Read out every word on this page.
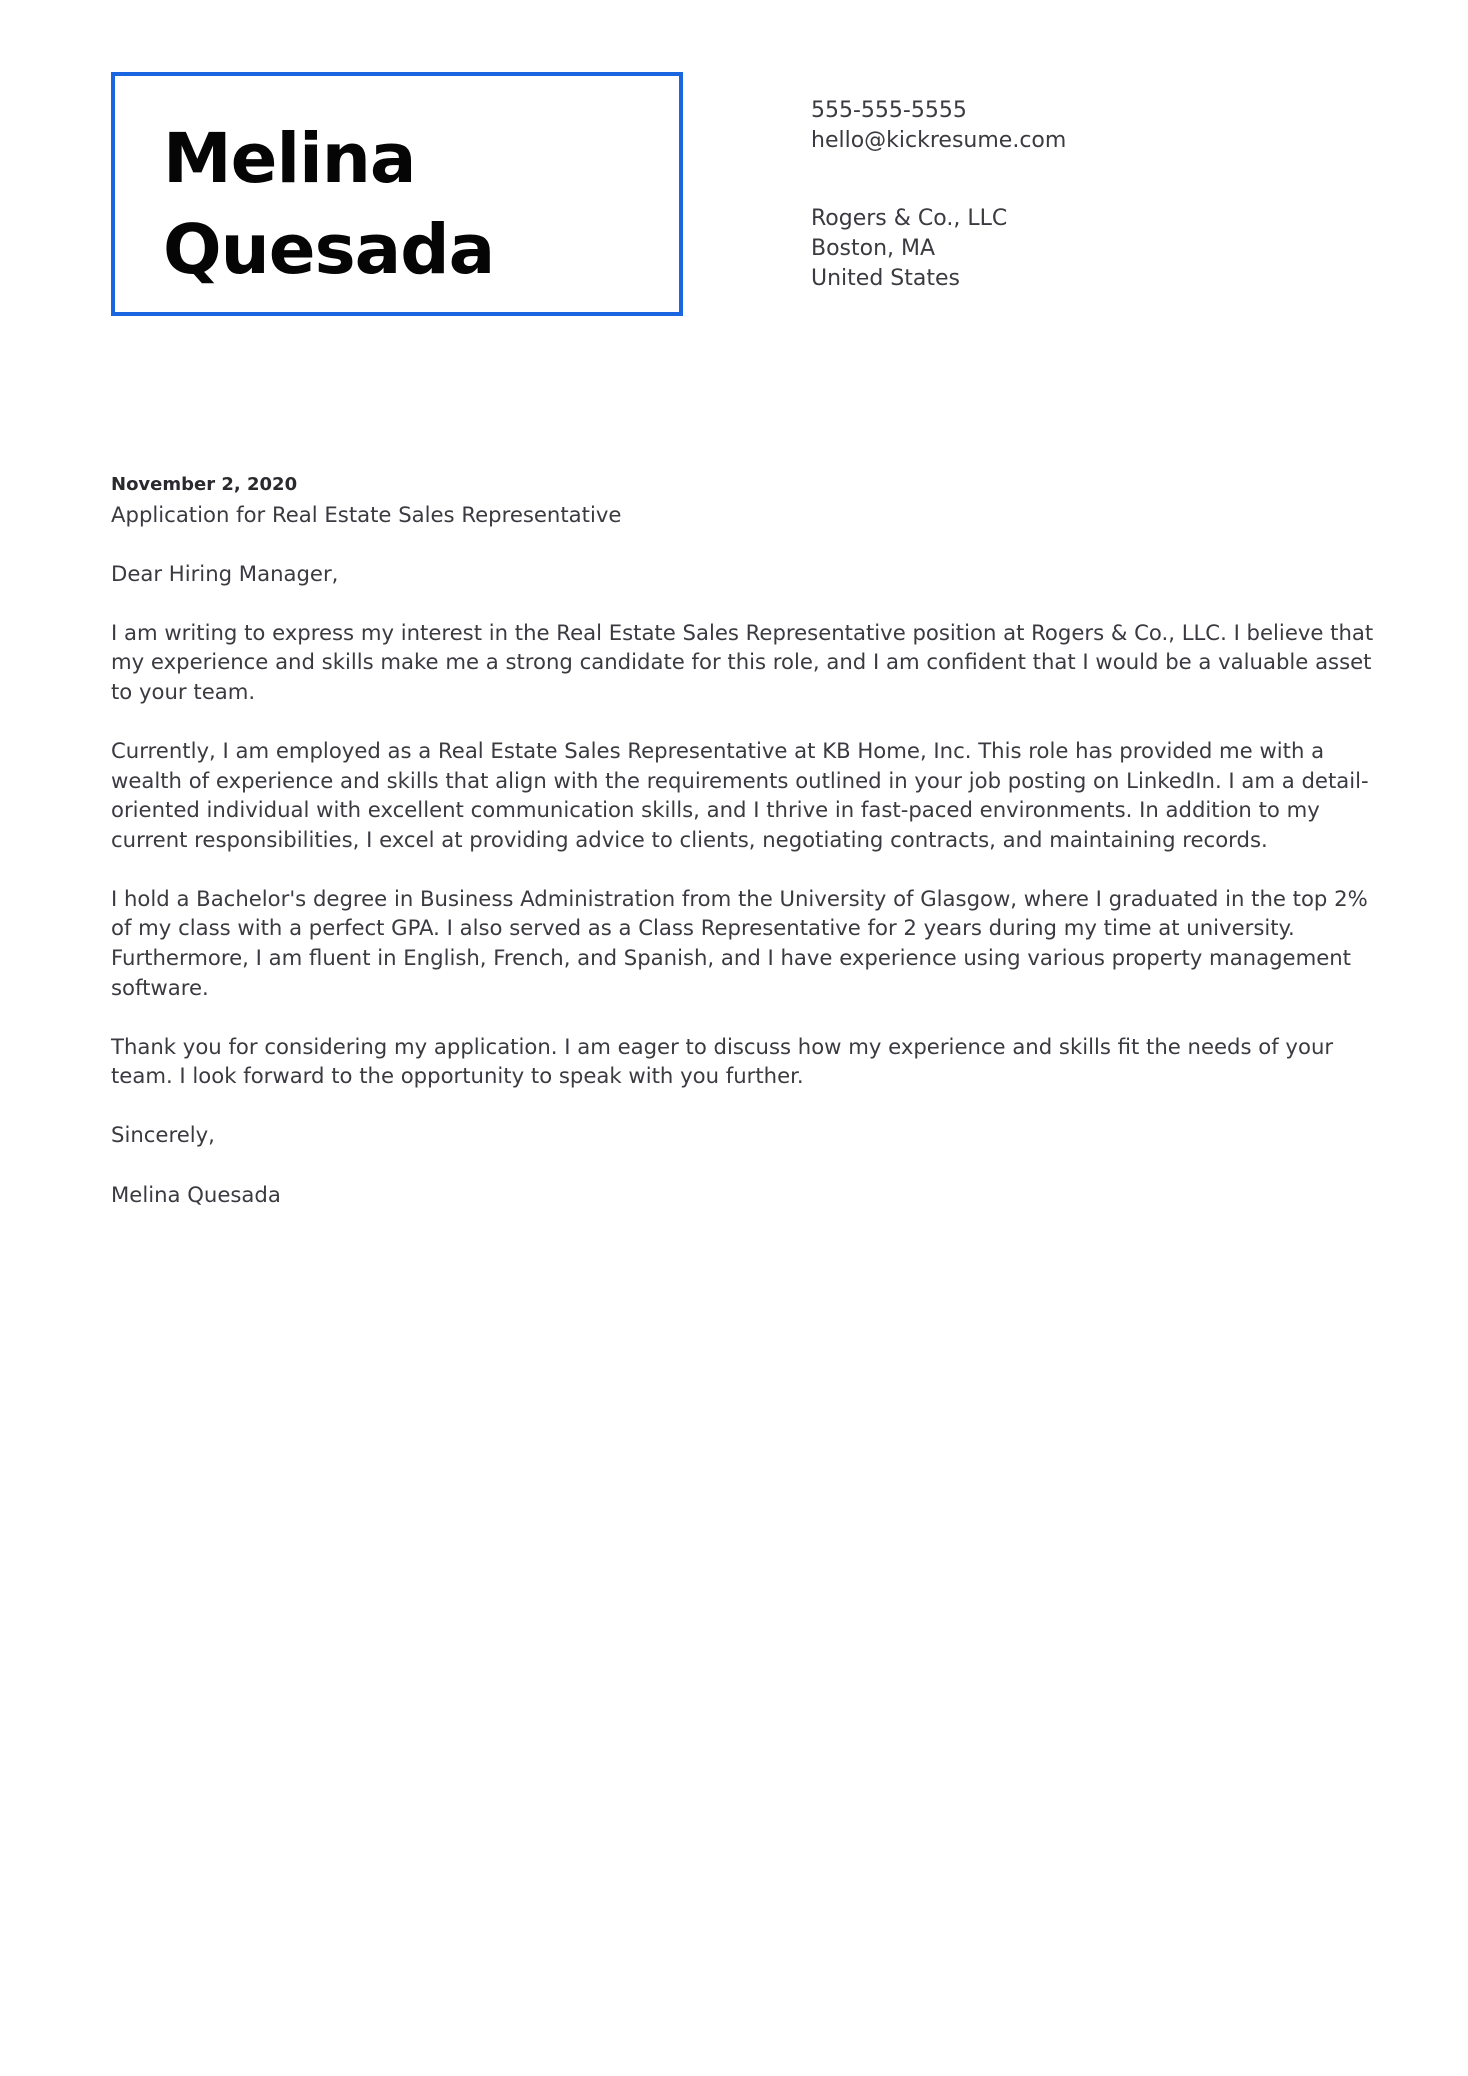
Melina
Quesada
555-555-5555
hello@kickresume.com
Rogers & Co., LLC
Boston, MA
United States
November 2, 2020
Application for Real Estate Sales Representative

Dear Hiring Manager,

I am writing to express my interest in the Real Estate Sales Representative position at Rogers & Co., LLC. I believe that my experience and skills make me a strong candidate for this role, and I am confident that I would be a valuable asset to your team.

Currently, I am employed as a Real Estate Sales Representative at KB Home, Inc. This role has provided me with a wealth of experience and skills that align with the requirements outlined in your job posting on LinkedIn. I am a detail-oriented individual with excellent communication skills, and I thrive in fast-paced environments. In addition to my current responsibilities, I excel at providing advice to clients, negotiating contracts, and maintaining records.

I hold a Bachelor's degree in Business Administration from the University of Glasgow, where I graduated in the top 2% of my class with a perfect GPA. I also served as a Class Representative for 2 years during my time at university. Furthermore, I am fluent in English, French, and Spanish, and I have experience using various property management software.

Thank you for considering my application. I am eager to discuss how my experience and skills fit the needs of your team. I look forward to the opportunity to speak with you further.

Sincerely,

Melina Quesada
